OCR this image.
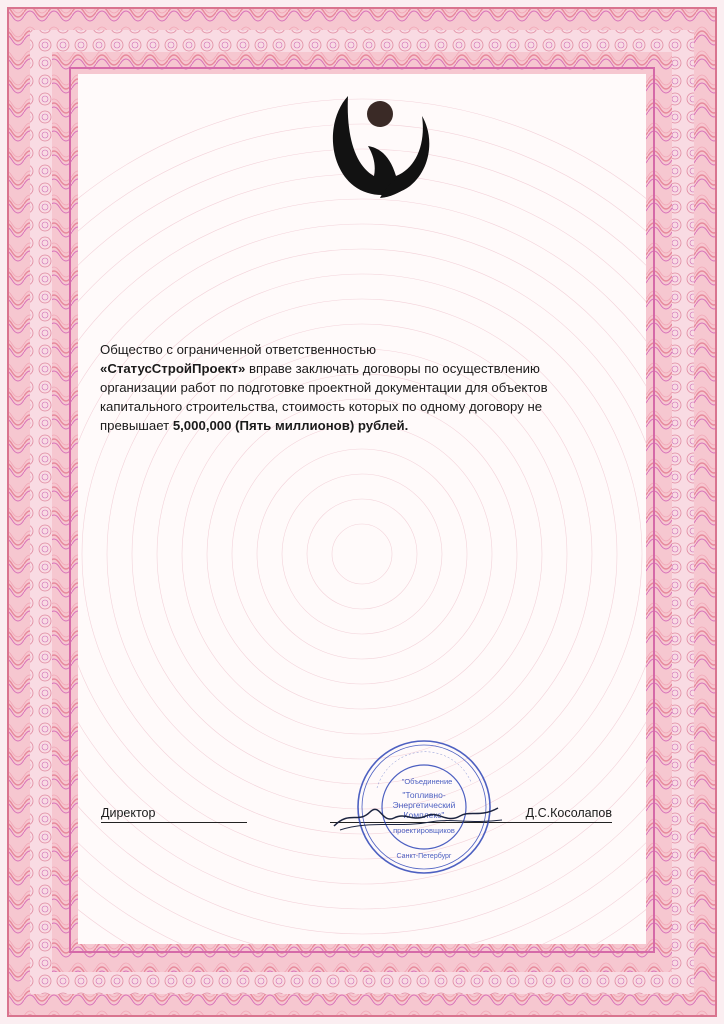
Общество с ограниченной ответственностью
«СтатусСтройПроект» вправе заключать договоры по осуществлению
организации работ по подготовке проектной документации для объектов
капитального строительства, стоимость которых по одному договору не
превышает 5,000,000 (Пять миллионов) рублей.
Директор	Д.С.Косолапов
"Объединение
"Топливно-
Энергетический
Комплекс"
проектировщиков
Санкт-Петербург
